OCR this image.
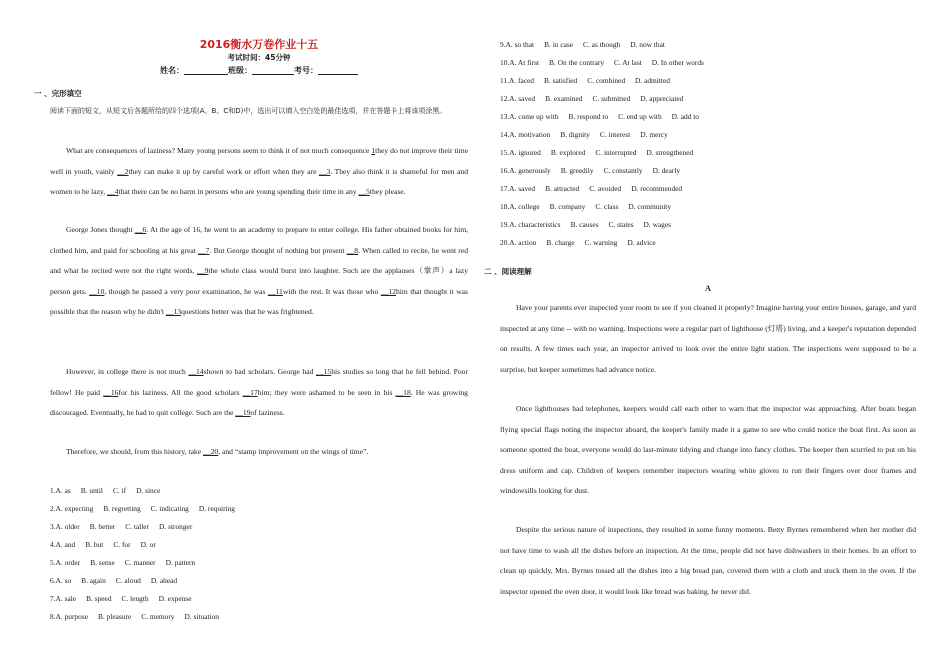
2016衡水万卷作业十五
考试时间：45分钟
姓名：	班级：	考号：
一 、完形填空

阅读下面的短文，从短文后各题所给的四个选项(A、B、C和D)中，选出可以填入空白处的最佳选项，并在答题卡上将该项涂黑。

What are consequences of laziness? Many young persons seem to think it of not much consequence 1they do not improve their time well in youth, vainly __2they can make it up by careful work or effort when they are __3. They also think it is shameful for men and women to be lazy, __4that there can be no harm in persons who are young spending their time in any __5they please.

George Jones thought __6. At the age of 16, he went to an academy to prepare to enter college. His father obtained books for him, clothed him, and paid for schooling at his great __7. But George thought of nothing but present __8. When called to recite, he went red and what he recited were not the right words, __9the whole class would burst into laughter. Such are the applauses（掌声）a lazy person gets. __10, though he passed a very poor examination, he was __11with the rest. It was those who __12him that thought it was possible that the reason why he didn't __13questions better was that he was frightened.

However, in college there is not much __14shown to bad scholars. George had __15his studies so long that he fell behind. Poor fellow! He paid __16for his laziness. All the good scholars __17him; they were ashamed to be seen in his __18. He was growing discouraged. Eventually, he had to quit college. Such are the __19of laziness.

Therefore, we should, from this history, take __20, and “stamp improvement on the wings of time”.

1.A. as B. until C. if D. since
2.A. expecting B. regretting C. indicating D. requiring
3.A. older B. better C. taller D. stronger
4.A. and B. but C. for D. or
5.A. order B. sense C. manner D. pattern
6.A. so B. again C. aloud D. ahead
7.A. sale B. speed C. length D. expense
8.A. purpose B. pleasure C. memory D. situation
9.A. so that B. in case C. as though D. now that
10.A. At first B. On the contrary C. At last D. In other words
11.A. faced B. satisfied C. combined D. admitted
12.A. saved B. examined C. submitted D. appreciated
13.A. come up with B. respond to C. end up with D. add to
14.A. motivation B. dignity C. interest D. mercy
15.A. ignored B. explored C. interrupted D. strengthened
16.A. generously B. greedily C. constantly D. dearly
17.A. saved B. attracted C. avoided D. recommended
18.A. college B. company C. class D. community
19.A. characteristics B. causes C. states D. wages
20.A. action B. charge C. warning D. advice
二 、阅读理解
A

Have your parents ever inspected your room to see if you cleaned it properly? Imagine having your entire houses, garage, and yard inspected at any time -- with no warning. Inspections were a regular part of lighthouse (灯塔) living, and a keeper's reputation depended on results. A few times each year, an inspector arrived to look over the entire light station. The inspections were supposed to be a surprise, but keeper sometimes had advance notice.

Once lighthouses had telephones, keepers would call each other to warn that the inspector was approaching. After boats began flying special flags noting the inspector aboard, the keeper's family made it a game to see who could notice the boat first. As soon as someone spotted the boat, everyone would do last-minute tidying and change into fancy clothes. The keeper then scurried to put on his dress uniform and cap. Children of keepers remember inspectors wearing white gloves to run their fingers over door frames and windowsills looking for dust.

Despite the serious nature of inspections, they resulted in some funny moments. Betty Byrnes remembered when her mother did not have time to wash all the dishes before an inspection. At the time, people did not have dishwashers in their homes. In an effort to clean up quickly, Mrs. Byrnes tossed all the dishes into a big bread pan, covered them with a cloth and stuck them in the oven. If the inspector opened the oven door, it would look like bread was baking. he never did.
